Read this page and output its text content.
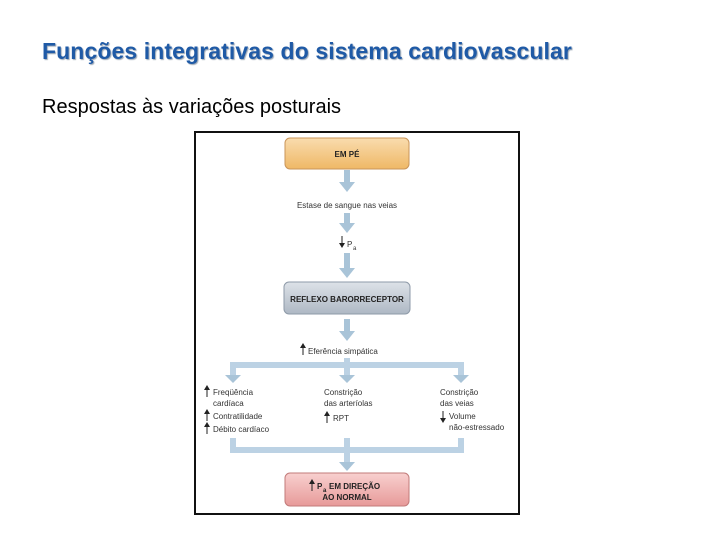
Funções integrativas do sistema cardiovascular

Respostas às variações posturais

EM PÉ
Estase de sangue nas veias
P a
REFLEXO BARORRECEPTOR
Eferência simpática
Freqüência
cardíaca
Contratilidade
Débito cardíaco
Constrição
das arteríolas
RPT
Constrição
das veias
Volume
não-estressado
P a EM DIREÇÃO
AO NORMAL
